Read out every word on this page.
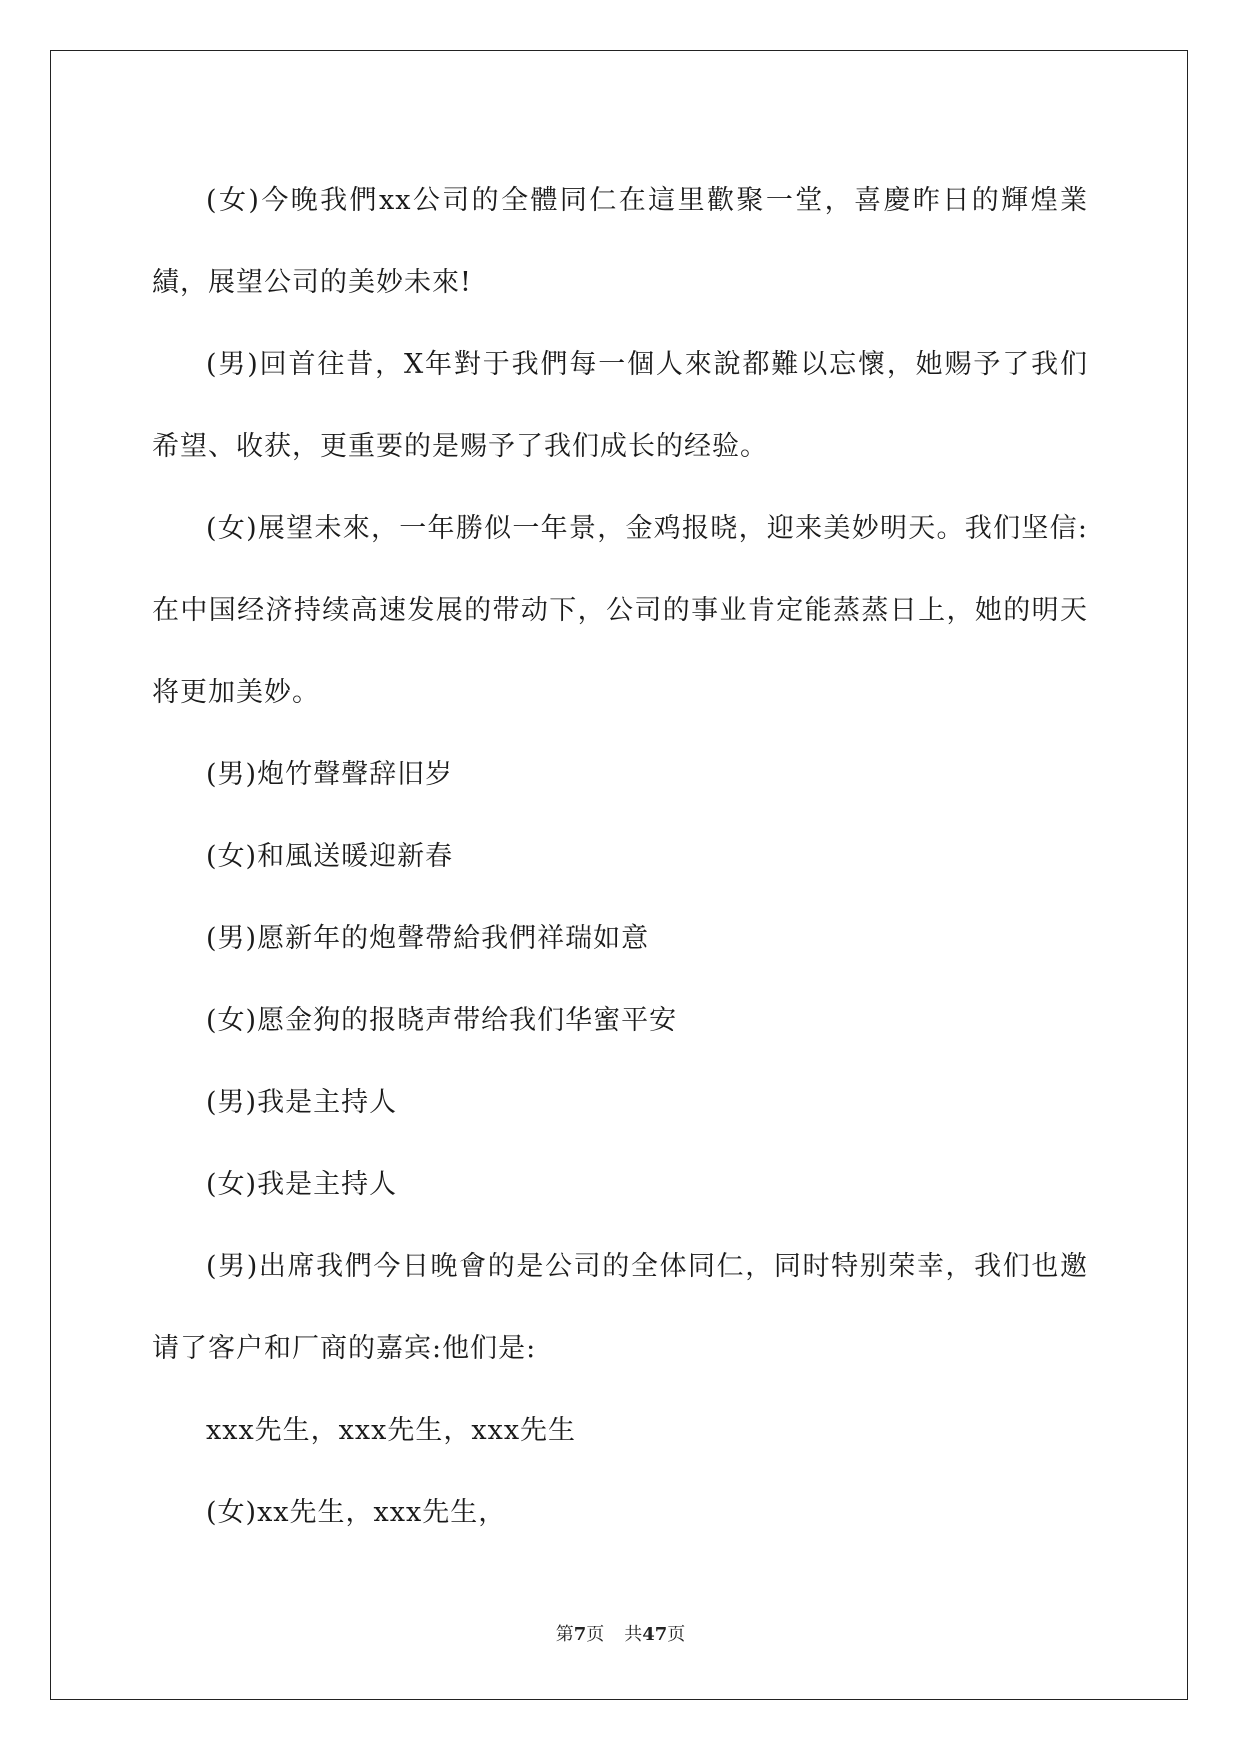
(女)今晚我們xx公司的全體同仁在這里歡聚一堂，喜慶昨日的輝煌業績，展望公司的美妙未來!

(男)回首往昔，X年對于我們每一個人來說都難以忘懷，她赐予了我们希望、收获，更重要的是赐予了我们成长的经验。

(女)展望未來，一年勝似一年景，金鸡报晓，迎来美妙明天。我们坚信:在中国经济持续高速发展的带动下，公司的事业肯定能蒸蒸日上，她的明天将更加美妙。

(男)炮竹聲聲辞旧岁

(女)和風送暖迎新春

(男)愿新年的炮聲帶給我們祥瑞如意

(女)愿金狗的报晓声带给我们华蜜平安

(男)我是主持人

(女)我是主持人

(男)出席我們今日晚會的是公司的全体同仁，同时特别荣幸，我们也邀请了客户和厂商的嘉宾:他们是:

xxx先生，xxx先生，xxx先生

(女)xx先生，xxx先生，

第7页 共47页
